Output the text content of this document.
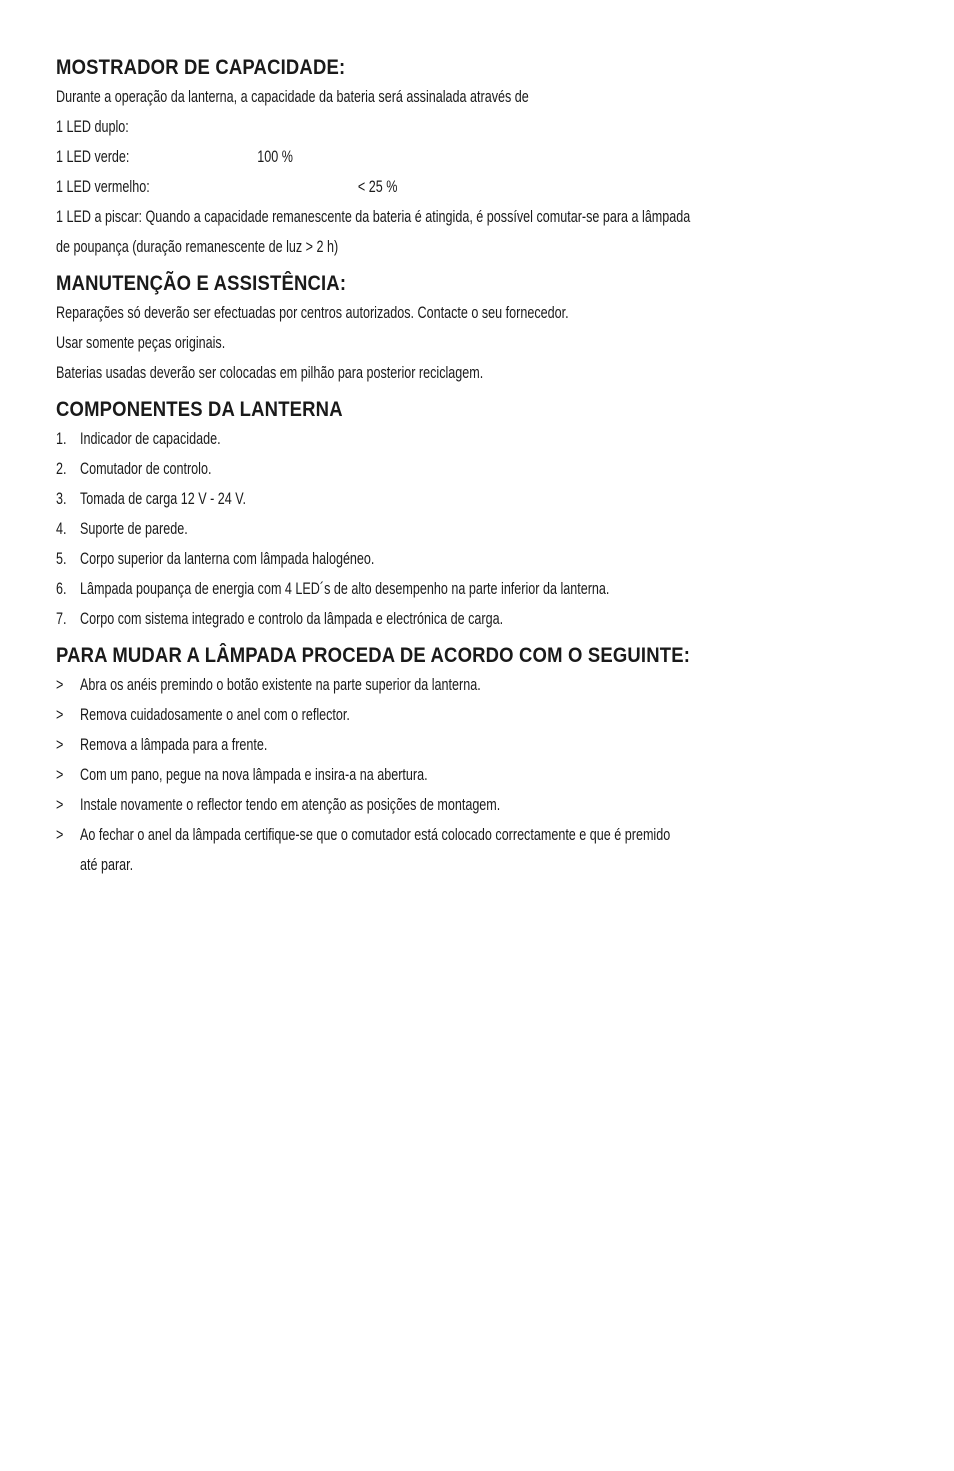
MOSTRADOR DE CAPACIDADE:
Durante a operação da lanterna, a capacidade da bateria será assinalada através de
1 LED duplo:
1 LED verde:	100 %
1 LED vermelho:	< 25 %
1 LED a piscar: Quando a capacidade remanescente da bateria é atingida, é possível comutar-se para a lâmpada
de poupança (duração remanescente de luz > 2 h)
MANUTENÇÃO E ASSISTÊNCIA:
Reparações só deverão ser efectuadas por centros autorizados. Contacte o seu fornecedor.
Usar somente peças originais.
Baterias usadas deverão ser colocadas em pilhão para posterior reciclagem.
COMPONENTES DA LANTERNA
1. Indicador de capacidade.
2. Comutador de controlo.
3. Tomada de carga 12 V - 24 V.
4. Suporte de parede.
5. Corpo superior da lanterna com lâmpada halogéneo.
6. Lâmpada poupança de energia com 4 LED´s de alto desempenho na parte inferior da lanterna.
7. Corpo com sistema integrado e controlo da lâmpada e electrónica de carga.
PARA MUDAR A LÂMPADA PROCEDA DE ACORDO COM O SEGUINTE:
> Abra os anéis premindo o botão existente na parte superior da lanterna.
> Remova cuidadosamente o anel com o reflector.
> Remova a lâmpada para a frente.
> Com um pano, pegue na nova lâmpada e insira-a na abertura.
> Instale novamente o reflector tendo em atenção as posições de montagem.
> Ao fechar o anel da lâmpada certifique-se que o comutador está colocado correctamente e que é premido
até parar.
